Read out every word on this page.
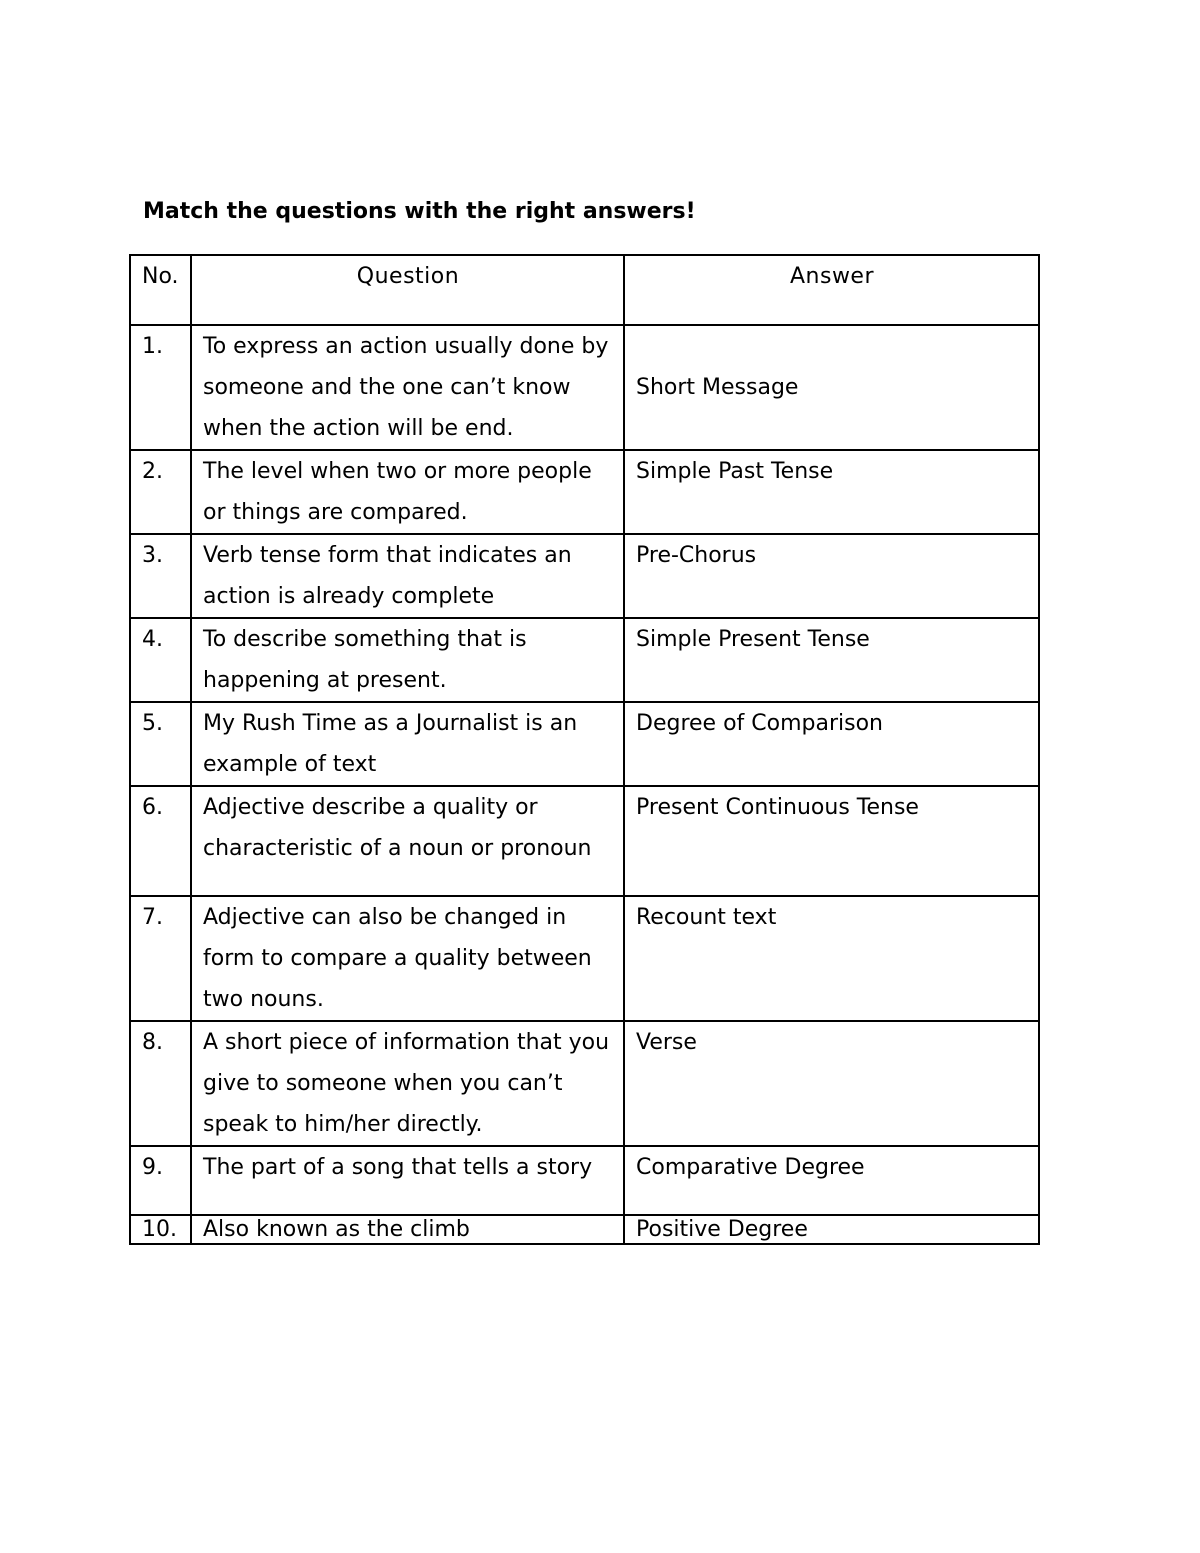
Match the questions with the right answers!
No.	Question	Answer
1.	To express an action usually done by someone and the one can’t know when the action will be end.	Short Message
2.	The level when two or more people or things are compared.	Simple Past Tense
3.	Verb tense form that indicates an action is already complete	Pre-Chorus
4.	To describe something that is happening at present.	Simple Present Tense
5.	My Rush Time as a Journalist is an example of text	Degree of Comparison
6.	Adjective describe a quality or characteristic of a noun or pronoun	Present Continuous Tense
7.	Adjective can also be changed in form to compare a quality between two nouns.	Recount text
8.	A short piece of information that you give to someone when you can’t speak to him/her directly.	Verse
9.	The part of a song that tells a story	Comparative Degree
10.	Also known as the climb	Positive Degree
